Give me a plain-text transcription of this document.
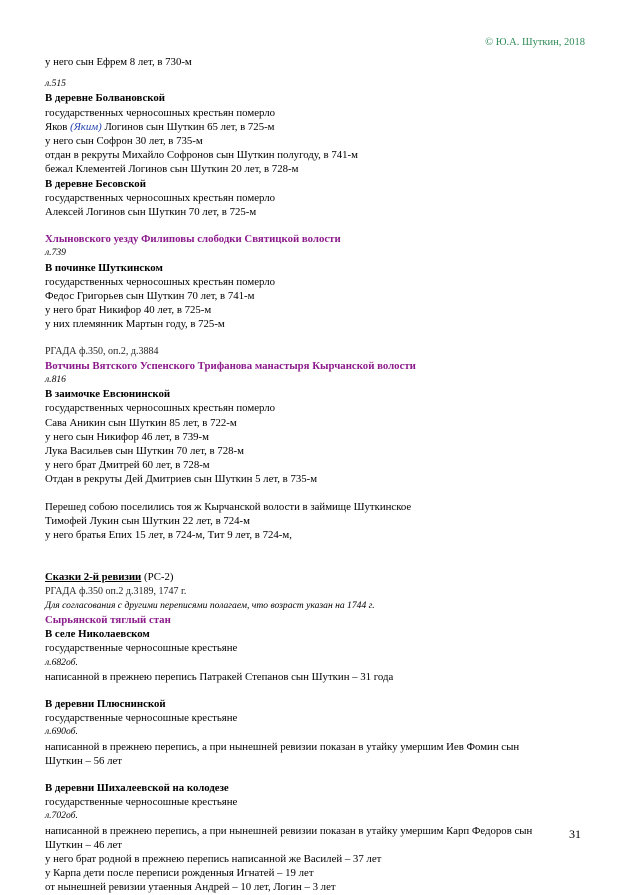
© Ю.А. Шуткин, 2018
у него сын Ефрем 8 лет, в 730-м
л.515
В деревне Болвановской
государственных черносошных крестьян померло
Яков (Яким) Логинов сын Шуткин 65 лет, в 725-м
у него сын Софрон 30 лет, в 735-м
отдан в рекруты Михайло Софронов сын Шуткин полугоду, в 741-м
бежал Клементей Логинов сын Шуткин 20 лет, в 728-м
В деревне Бесовской
государственных черносошных крестьян померло
Алексей Логинов сын Шуткин 70 лет, в 725-м
Хлыновского уезду Филиповы слободки Святицкой волости
л.739
В починке Шуткинском
государственных черносошных крестьян померло
Федос Григорьев сын Шуткин 70 лет, в 741-м
у него брат Никифор 40 лет, в 725-м
у них племянник Мартын году, в 725-м
РГАДА ф.350, оп.2, д.3884
Вотчины Вятского Успенского Трифанова манастыря Кырчанской волости
л.816
В заимочке Евсюнинской
государственных черносошных крестьян померло
Сава Аникин сын Шуткин 85 лет, в 722-м
у него сын Никифор 46 лет, в 739-м
Лука Васильев сын Шуткин 70 лет, в 728-м
у него брат Дмитрей 60 лет, в 728-м
Отдан в рекруты Дей Дмитриев сын Шуткин 5 лет, в 735-м
Перешед собою поселились тоя ж Кырчанской волости в займище Шуткинское
Тимофей Лукин сын Шуткин 22 лет, в 724-м
у него братья Епих 15 лет, в 724-м, Тит 9 лет, в 724-м,
Сказки 2-й ревизии (РС-2)
РГАДА ф.350 оп.2 д.3189, 1747 г.
Для согласования с другими переписями полагаем, что возраст указан на 1744 г.
Сырьянской тяглый стан
В селе Николаевском
государственные черносошные крестьяне
л.682об.
написанной в прежнею перепись Патракей Степанов сын Шуткин – 31 года
В деревни Плюснинской
государственные черносошные крестьяне
л.690об.
написанной в прежнею перепись, а при нынешней ревизии показан в утайку умершим Иев Фомин сын
Шуткин – 56 лет
В деревни Шихалеевской на колодезе
государственные черносошные крестьяне
л.702об.
написанной в прежнею перепись, а при нынешней ревизии показан в утайку умершим Карп Федоров сын
Шуткин – 46 лет
у него брат родной в прежнею перепись написанной же Василей – 37 лет
у Карпа дети после переписи рожденныя Игнатей – 19 лет
от нынешней ревизии утаенныя Андрей – 10 лет, Логин – 3 лет
31
